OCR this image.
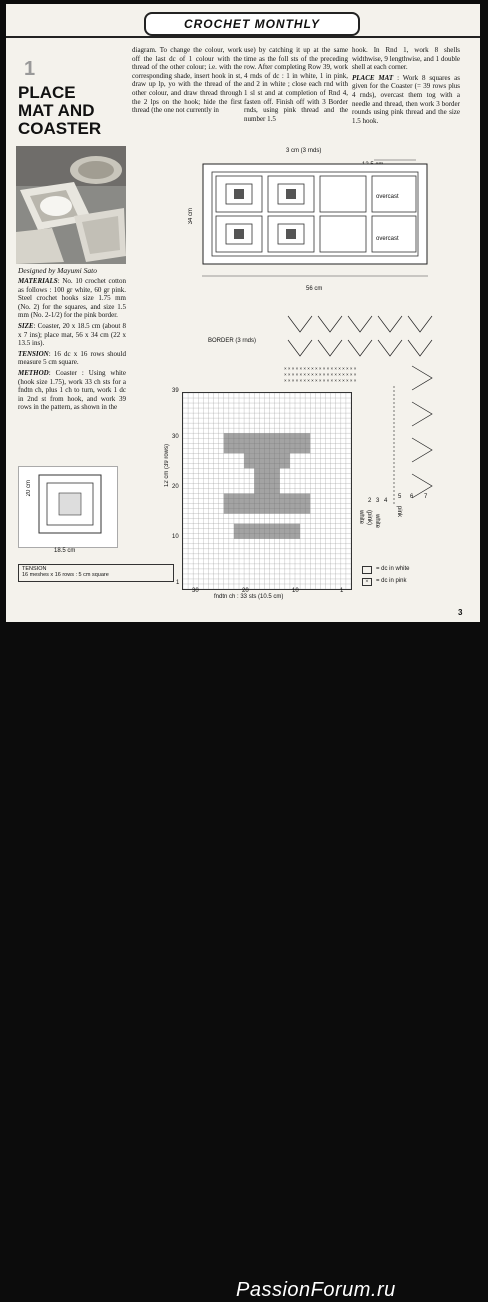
CROCHET MONTHLY
1
PLACE
MAT AND
COASTER
Designed by Mayumi Sato

MATERIALS: No. 10 crochet cotton as follows : 100 gr white, 60 gr pink. Steel crochet hooks size 1.75 mm (No. 2) for the squares, and size 1.5 mm (No. 2-1/2) for the pink border.

SIZE: Coaster, 20 x 18.5 cm (about 8 x 7 ins); place mat, 56 x 34 cm (22 x 13.5 ins).

TENSION: 16 dc x 16 rows should measure 5 cm square.

METHOD: Coaster : Using white (hook size 1.75), work 33 ch sts for a fndtn ch, plus 1 ch to turn, work 1 dc in 2nd st from hook, and work 39 rows in the pattern, as shown in the

diagram. To change the colour, work off the last dc of 1 colour with the thread of the other colour; i.e. with the corresponding shade, insert hook in st, draw up lp, yo with the thread of the other colour, and draw thread through the 2 lps on the hook; hide the first thread (the one not currently in
use) by catching it up at the same time as the foll sts of the preceding row. After completing Row 39, work 4 rnds of dc : 1 in white, 1 in pink, and 2 in white ; close each rnd with 1 sl st and at completion of Rnd 4, fasten off. Finish off with 3 Border rnds, using pink thread and the number 1.5

hook. In Rnd 1, work 8 shells widthwise, 9 lengthwise, and 1 double shell at each corner.

PLACE MAT : Work 8 squares as given for the Coaster (= 39 rows plus 4 rnds), overcast them tog with a needle and thread, then work 3 border rounds using pink thread and the size 1.5 hook.

3 cm (3 rnds)
34 cm
56 cm
overcast
overcast
BORDER (3 rnds)
× × × × × × × × × × × × × × × × × × ×
× × × × × × × × × × × × × × × × × × ×
× × × × × × × × × × × × × × × × × × ×
2 3 4
5 6 7
white (pink) white
pink
20 cm
18.5 cm
12 cm (39 rows)
fndtn ch : 33 sts (10.5 cm)
39
30
20
10
1
30	20	10	1
= dc in white
×	= dc in pink
TENSION
16 meshes x 16 rows : 5 cm square
3
PassionForum.ru
